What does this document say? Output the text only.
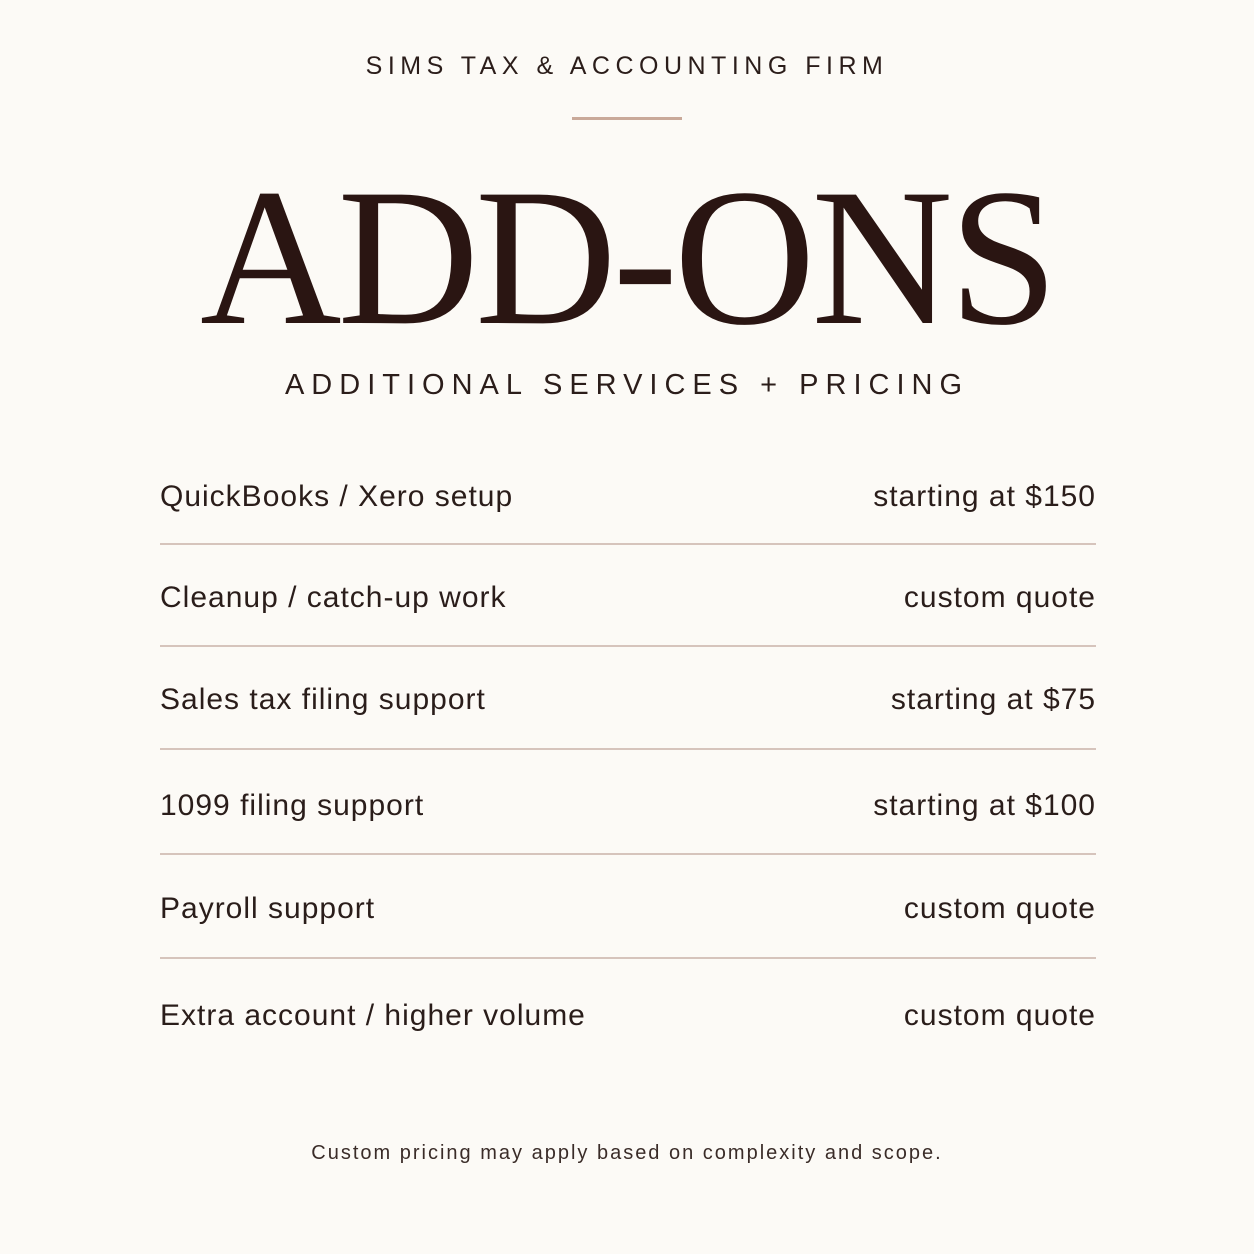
SIMS TAX & ACCOUNTING FIRM
ADD-ONS
ADDITIONAL SERVICES + PRICING
QuickBooks / Xero setup	starting at $150
Cleanup / catch-up work	custom quote
Sales tax filing support	starting at $75
1099 filing support	starting at $100
Payroll support	custom quote
Extra account / higher volume	custom quote
Custom pricing may apply based on complexity and scope.
